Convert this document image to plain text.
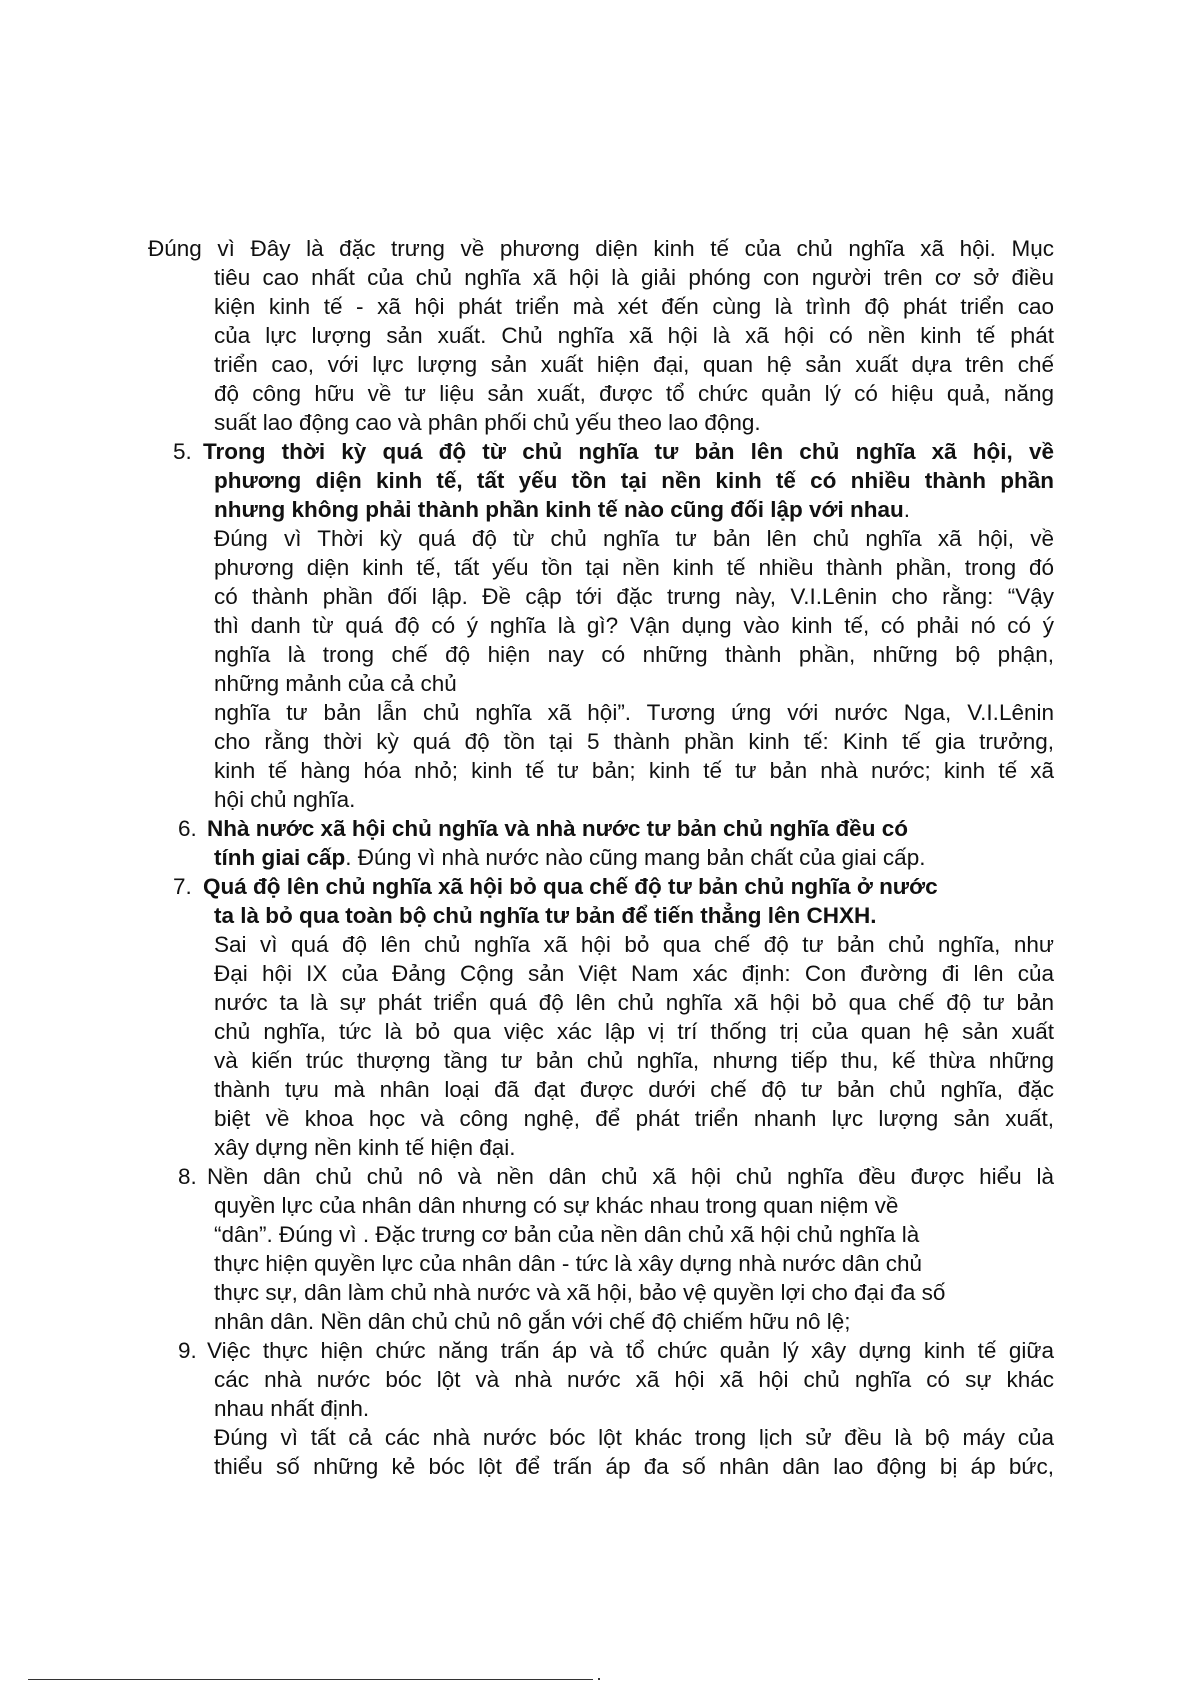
Đúng vì Đây là đặc trưng về phương diện kinh tế của chủ nghĩa xã hội. Mục
tiêu cao nhất của chủ nghĩa xã hội là giải phóng con người trên cơ sở điều
kiện kinh tế - xã hội phát triển mà xét đến cùng là trình độ phát triển cao
của lực lượng sản xuất. Chủ nghĩa xã hội là xã hội có nền kinh tế phát
triển cao, với lực lượng sản xuất hiện đại, quan hệ sản xuất dựa trên chế
độ công hữu về tư liệu sản xuất, được tổ chức quản lý có hiệu quả, năng
suất lao động cao và phân phối chủ yếu theo lao động.
5. Trong thời kỳ quá độ từ chủ nghĩa tư bản lên chủ nghĩa xã hội, về
phương diện kinh tế, tất yếu tồn tại nền kinh tế có nhiều thành phần
nhưng không phải thành phần kinh tế nào cũng đối lập với nhau.
Đúng vì Thời kỳ quá độ từ chủ nghĩa tư bản lên chủ nghĩa xã hội, về
phương diện kinh tế, tất yếu tồn tại nền kinh tế nhiều thành phần, trong đó
có thành phần đối lập. Đề cập tới đặc trưng này, V.I.Lênin cho rằng: “Vậy
thì danh từ quá độ có ý nghĩa là gì? Vận dụng vào kinh tế, có phải nó có ý
nghĩa là trong chế độ hiện nay có những thành phần, những bộ phận,
những mảnh của cả chủ
nghĩa tư bản lẫn chủ nghĩa xã hội”. Tương ứng với nước Nga, V.I.Lênin
cho rằng thời kỳ quá độ tồn tại 5 thành phần kinh tế: Kinh tế gia trưởng,
kinh tế hàng hóa nhỏ; kinh tế tư bản; kinh tế tư bản nhà nước; kinh tế xã
hội chủ nghĩa.
6. Nhà nước xã hội chủ nghĩa và nhà nước tư bản chủ nghĩa đều có
tính giai cấp. Đúng vì nhà nước nào cũng mang bản chất của giai cấp.
7. Quá độ lên chủ nghĩa xã hội bỏ qua chế độ tư bản chủ nghĩa ở nước
ta là bỏ qua toàn bộ chủ nghĩa tư bản để tiến thẳng lên CHXH.
Sai vì quá độ lên chủ nghĩa xã hội bỏ qua chế độ tư bản chủ nghĩa, như
Đại hội IX của Đảng Cộng sản Việt Nam xác định: Con đường đi lên của
nước ta là sự phát triển quá độ lên chủ nghĩa xã hội bỏ qua chế độ tư bản
chủ nghĩa, tức là bỏ qua việc xác lập vị trí thống trị của quan hệ sản xuất
và kiến trúc thượng tầng tư bản chủ nghĩa, nhưng tiếp thu, kế thừa những
thành tựu mà nhân loại đã đạt được dưới chế độ tư bản chủ nghĩa, đặc
biệt về khoa học và công nghệ, để phát triển nhanh lực lượng sản xuất,
xây dựng nền kinh tế hiện đại.
8. Nền dân chủ chủ nô và nền dân chủ xã hội chủ nghĩa đều được hiểu là
quyền lực của nhân dân nhưng có sự khác nhau trong quan niệm về
“dân”. Đúng vì . Đặc trưng cơ bản của nền dân chủ xã hội chủ nghĩa là
thực hiện quyền lực của nhân dân - tức là xây dựng nhà nước dân chủ
thực sự, dân làm chủ nhà nước và xã hội, bảo vệ quyền lợi cho đại đa số
nhân dân. Nền dân chủ chủ nô gắn với chế độ chiếm hữu nô lệ;
9. Việc thực hiện chức năng trấn áp và tổ chức quản lý xây dựng kinh tế giữa
các nhà nước bóc lột và nhà nước xã hội xã hội chủ nghĩa có sự khác
nhau nhất định.
Đúng vì tất cả các nhà nước bóc lột khác trong lịch sử đều là bộ máy của
thiểu số những kẻ bóc lột để trấn áp đa số nhân dân lao động bị áp bức,
